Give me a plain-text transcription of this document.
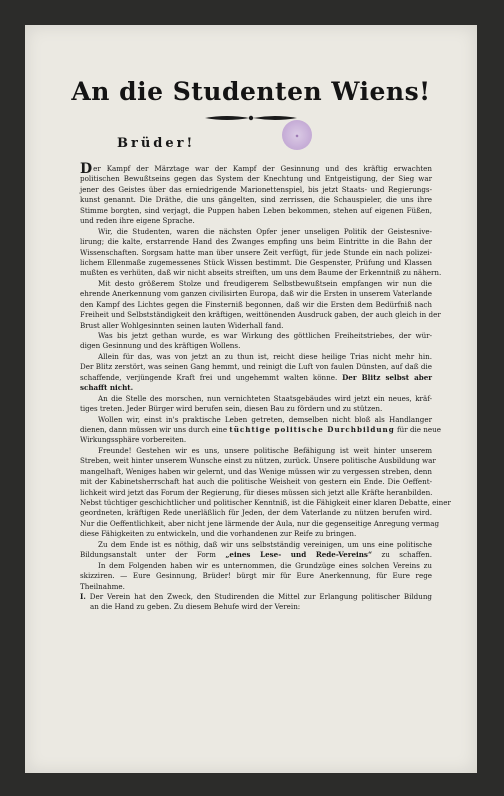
An die Studenten Wiens!
◆
Brüder!
Der Kampf der Märztage war der Kampf der Gesinnung und des kräftig erwachten
politischen Bewußtseins gegen das System der Knechtung und Entgeistigung, der Sieg war
jener des Geistes über das erniedrigende Marionettenspiel, bis jetzt Staats- und Regierungs-
kunst genannt. Die Dräthe, die uns gängelten, sind zerrissen, die Schauspieler, die uns ihre
Stimme borgten, sind verjagt, die Puppen haben Leben bekommen, stehen auf eigenen Füßen,
und reden ihre eigene Sprache.
Wir, die Studenten, waren die nächsten Opfer jener unseligen Politik der Geistesnive-
lirung; die kalte, erstarrende Hand des Zwanges empfing uns beim Eintritte in die Bahn der
Wissenschaften. Sorgsam hatte man über unsere Zeit verfügt, für jede Stunde ein nach polizei-
lichem Ellenmaße zugemessenes Stück Wissen bestimmt. Die Gespenster, Prüfung und Klassen
mußten es verhüten, daß wir nicht abseits streiften, um uns dem Baume der Erkenntniß zu nähern.
Mit desto größerem Stolze und freudigerem Selbstbewußtsein empfangen wir nun die
ehrende Anerkennung vom ganzen civilisirten Europa, daß wir die Ersten in unserem Vaterlande
den Kampf des Lichtes gegen die Finsterniß begonnen, daß wir die Ersten dem Bedürfniß nach
Freiheit und Selbstständigkeit den kräftigen, weittönenden Ausdruck gaben, der auch gleich in der
Brust aller Wohlgesinnten seinen lauten Widerhall fand.
Was bis jetzt gethan wurde, es war Wirkung des göttlichen Freiheitstriebes, der wür-
digen Gesinnung und des kräftigen Wollens.
Allein für das, was von jetzt an zu thun ist, reicht diese heilige Trias nicht mehr hin.
Der Blitz zerstört, was seinen Gang hemmt, und reinigt die Luft von faulen Dünsten, auf daß die
schaffende, verjüngende Kraft frei und ungehemmt walten könne. Der Blitz selbst aber
schafft nicht.
An die Stelle des morschen, nun vernichteten Staatsgebäudes wird jetzt ein neues, kräf-
tiges treten. Jeder Bürger wird berufen sein, diesen Bau zu fördern und zu stützen.
Wollen wir, einst in's praktische Leben getreten, demselben nicht bloß als Handlanger
dienen, dann müssen wir uns durch eine tüchtige politische Durchbildung für die neue
Wirkungssphäre vorbereiten.
Freunde! Gestehen wir es uns, unsere politische Befähigung ist weit hinter unserem
Streben, weit hinter unserem Wunsche einst zu nützen, zurück. Unsere politische Ausbildung war
mangelhaft, Weniges haben wir gelernt, und das Wenige müssen wir zu vergessen streben, denn
mit der Kabinetsherrschaft hat auch die politische Weisheit von gestern ein Ende. Die Oeffent-
lichkeit wird jetzt das Forum der Regierung, für dieses müssen sich jetzt alle Kräfte heranbilden.
Nebst tüchtiger geschichtlicher und politischer Kenntniß, ist die Fähigkeit einer klaren Debatte, einer
geordneten, kräftigen Rede unerläßlich für Jeden, der dem Vaterlande zu nützen berufen wird.
Nur die Oeffentlichkeit, aber nicht jene lärmende der Aula, nur die gegenseitige Anregung vermag
diese Fähigkeiten zu entwickeln, und die vorhandenen zur Reife zu bringen.
Zu dem Ende ist es nöthig, daß wir uns selbstständig vereinigen, um uns eine politische
Bildungsanstalt unter der Form „eines Lese- und Rede-Vereins“ zu schaffen.
In dem Folgenden haben wir es unternommen, die Grundzüge eines solchen Vereins zu
skizziren. — Eure Gesinnung, Brüder! bürgt mir für Eure Anerkennung, für Eure rege
Theilnahme.
I. Der Verein hat den Zweck, den Studirenden die Mittel zur Erlangung politischer Bildung
an die Hand zu geben. Zu diesem Behufe wird der Verein:
